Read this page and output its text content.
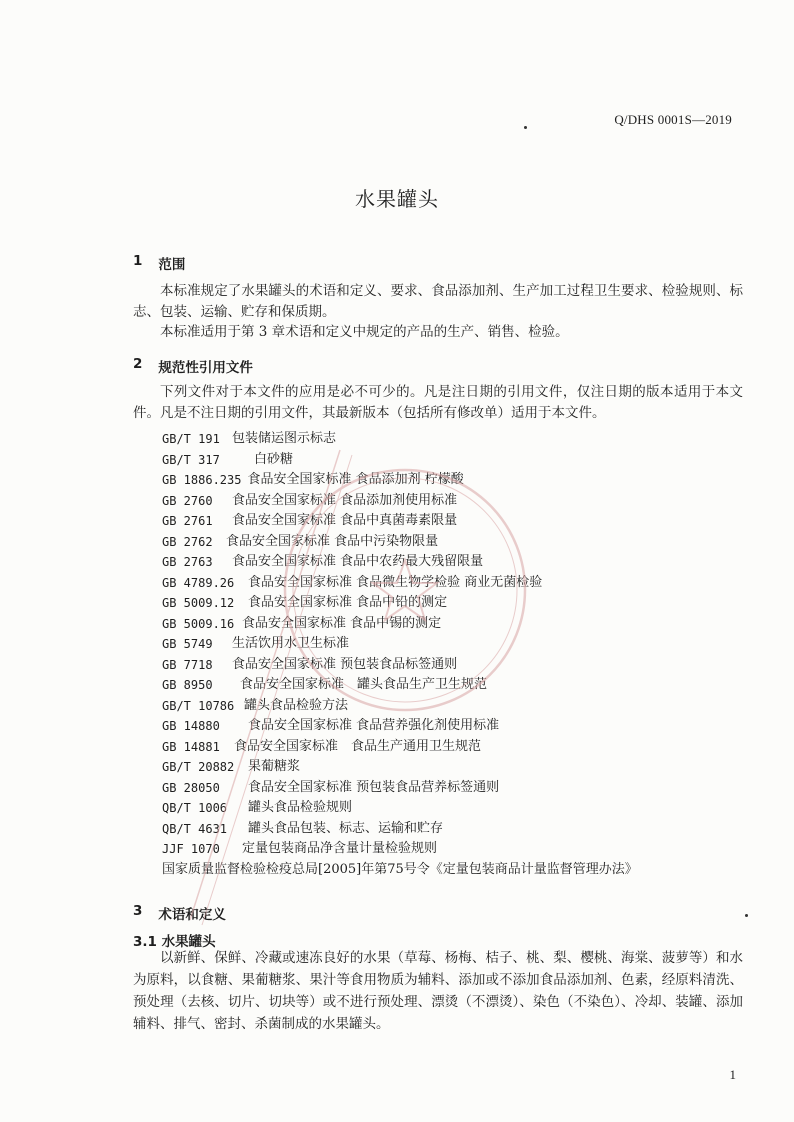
Q/DHS 0001S—2019
水果罐头
1 范围

本标准规定了水果罐头的术语和定义、要求、食品添加剂、生产加工过程卫生要求、检验规则、标志、包装、运输、贮存和保质期。

本标准适用于第 3 章术语和定义中规定的产品的生产、销售、检验。

2 规范性引用文件

下列文件对于本文件的应用是必不可少的。凡是注日期的引用文件，仅注日期的版本适用于本文件。凡是不注日期的引用文件，其最新版本（包括所有修改单）适用于本文件。

GB/T 191 包装储运图示标志
GB/T 317	白砂糖
GB 1886.235 食品安全国家标准 食品添加剂 柠檬酸
GB 2760	食品安全国家标准 食品添加剂使用标准
GB 2761	食品安全国家标准 食品中真菌毒素限量
GB 2762	食品安全国家标准 食品中污染物限量
GB 2763	食品安全国家标准 食品中农药最大残留限量
GB 4789.26	食品安全国家标准 食品微生物学检验 商业无菌检验
GB 5009.12	食品安全国家标准 食品中铅的测定
GB 5009.16 食品安全国家标准 食品中锡的测定
GB 5749	生活饮用水卫生标准
GB 7718	食品安全国家标准 预包装食品标签通则
GB 8950	食品安全国家标准　罐头食品生产卫生规范
GB/T 10786 罐头食品检验方法
GB 14880	食品安全国家标准 食品营养强化剂使用标准
GB 14881	食品安全国家标准　食品生产通用卫生规范
GB/T 20882	果葡糖浆
GB 28050	食品安全国家标准 预包装食品营养标签通则
QB/T 1006	罐头食品检验规则
QB/T 4631	罐头食品包装、标志、运输和贮存
JJF 1070	定量包装商品净含量计量检验规则
国家质量监督检验检疫总局[2005]年第75号令《定量包装商品计量监督管理办法》
3 术语和定义
3.1 水果罐头

以新鲜、保鲜、冷藏或速冻良好的水果（草莓、杨梅、桔子、桃、梨、樱桃、海棠、菠萝等）和水为原料，以食糖、果葡糖浆、果汁等食用物质为辅料、添加或不添加食品添加剂、色素，经原料清洗、预处理（去核、切片、切块等）或不进行预处理、漂烫（不漂烫）、染色（不染色）、冷却、装罐、添加辅料、排气、密封、杀菌制成的水果罐头。

1
